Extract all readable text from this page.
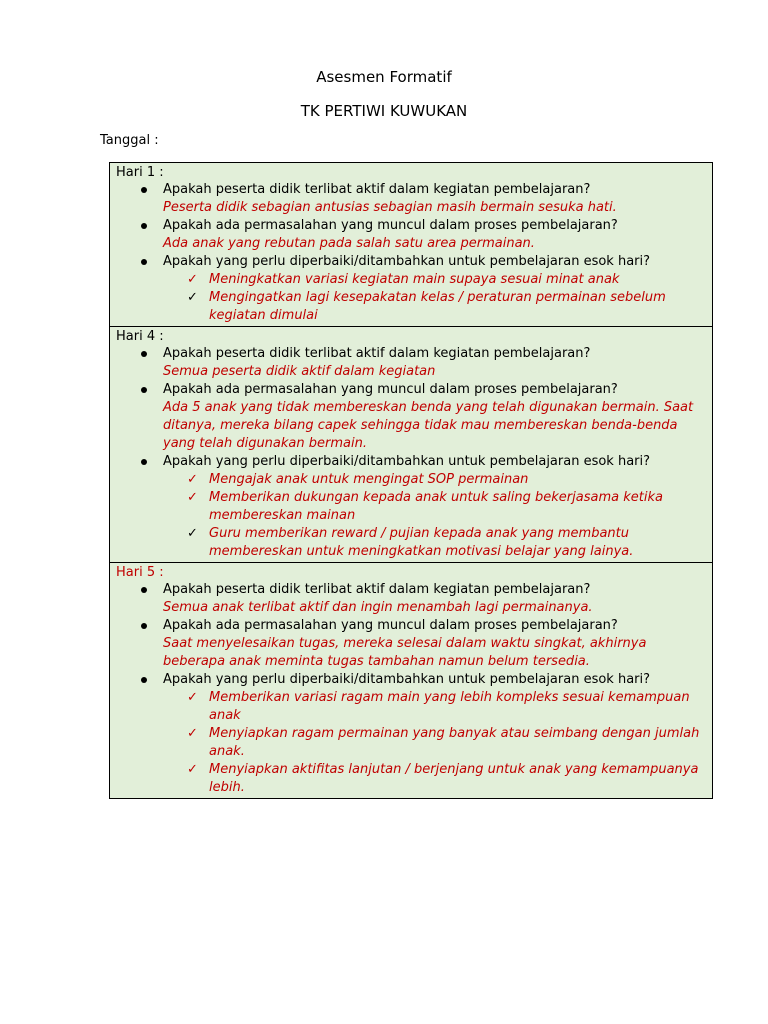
Asesmen Formatif
TK PERTIWI KUWUKAN

Tanggal :

Hari 1 :

Apakah peserta didik terlibat aktif dalam kegiatan pembelajaran?

Peserta didik sebagian antusias sebagian masih bermain sesuka hati.

Apakah ada permasalahan yang muncul dalam proses pembelajaran?

Ada anak yang rebutan pada salah satu area permainan.

Apakah yang perlu diperbaiki/ditambahkan untuk pembelajaran esok hari?

✓ Meningkatkan variasi kegiatan main supaya sesuai minat anak

✓ Mengingatkan lagi kesepakatan kelas / peraturan permainan sebelum kegiatan dimulai

Hari 4 :

Apakah peserta didik terlibat aktif dalam kegiatan pembelajaran?

Semua peserta didik aktif dalam kegiatan

Apakah ada permasalahan yang muncul dalam proses pembelajaran?

Ada 5 anak yang tidak membereskan benda yang telah digunakan bermain. Saat ditanya, mereka bilang capek sehingga tidak mau membereskan benda-benda yang telah digunakan bermain.

Apakah yang perlu diperbaiki/ditambahkan untuk pembelajaran esok hari?

✓ Mengajak anak untuk mengingat SOP permainan

✓ Memberikan dukungan kepada anak untuk saling bekerjasama ketika membereskan mainan

✓ Guru memberikan reward / pujian kepada anak yang membantu membereskan untuk meningkatkan motivasi belajar yang lainya.

Hari 5 :

Apakah peserta didik terlibat aktif dalam kegiatan pembelajaran?

Semua anak terlibat aktif dan ingin menambah lagi permainanya.

Apakah ada permasalahan yang muncul dalam proses pembelajaran?

Saat menyelesaikan tugas, mereka selesai dalam waktu singkat, akhirnya beberapa anak meminta tugas tambahan namun belum tersedia.

Apakah yang perlu diperbaiki/ditambahkan untuk pembelajaran esok hari?

✓ Memberikan variasi ragam main yang lebih kompleks sesuai kemampuan anak

✓ Menyiapkan ragam permainan yang banyak atau seimbang dengan jumlah anak.

✓ Menyiapkan aktifitas lanjutan / berjenjang untuk anak yang kemampuanya lebih.
